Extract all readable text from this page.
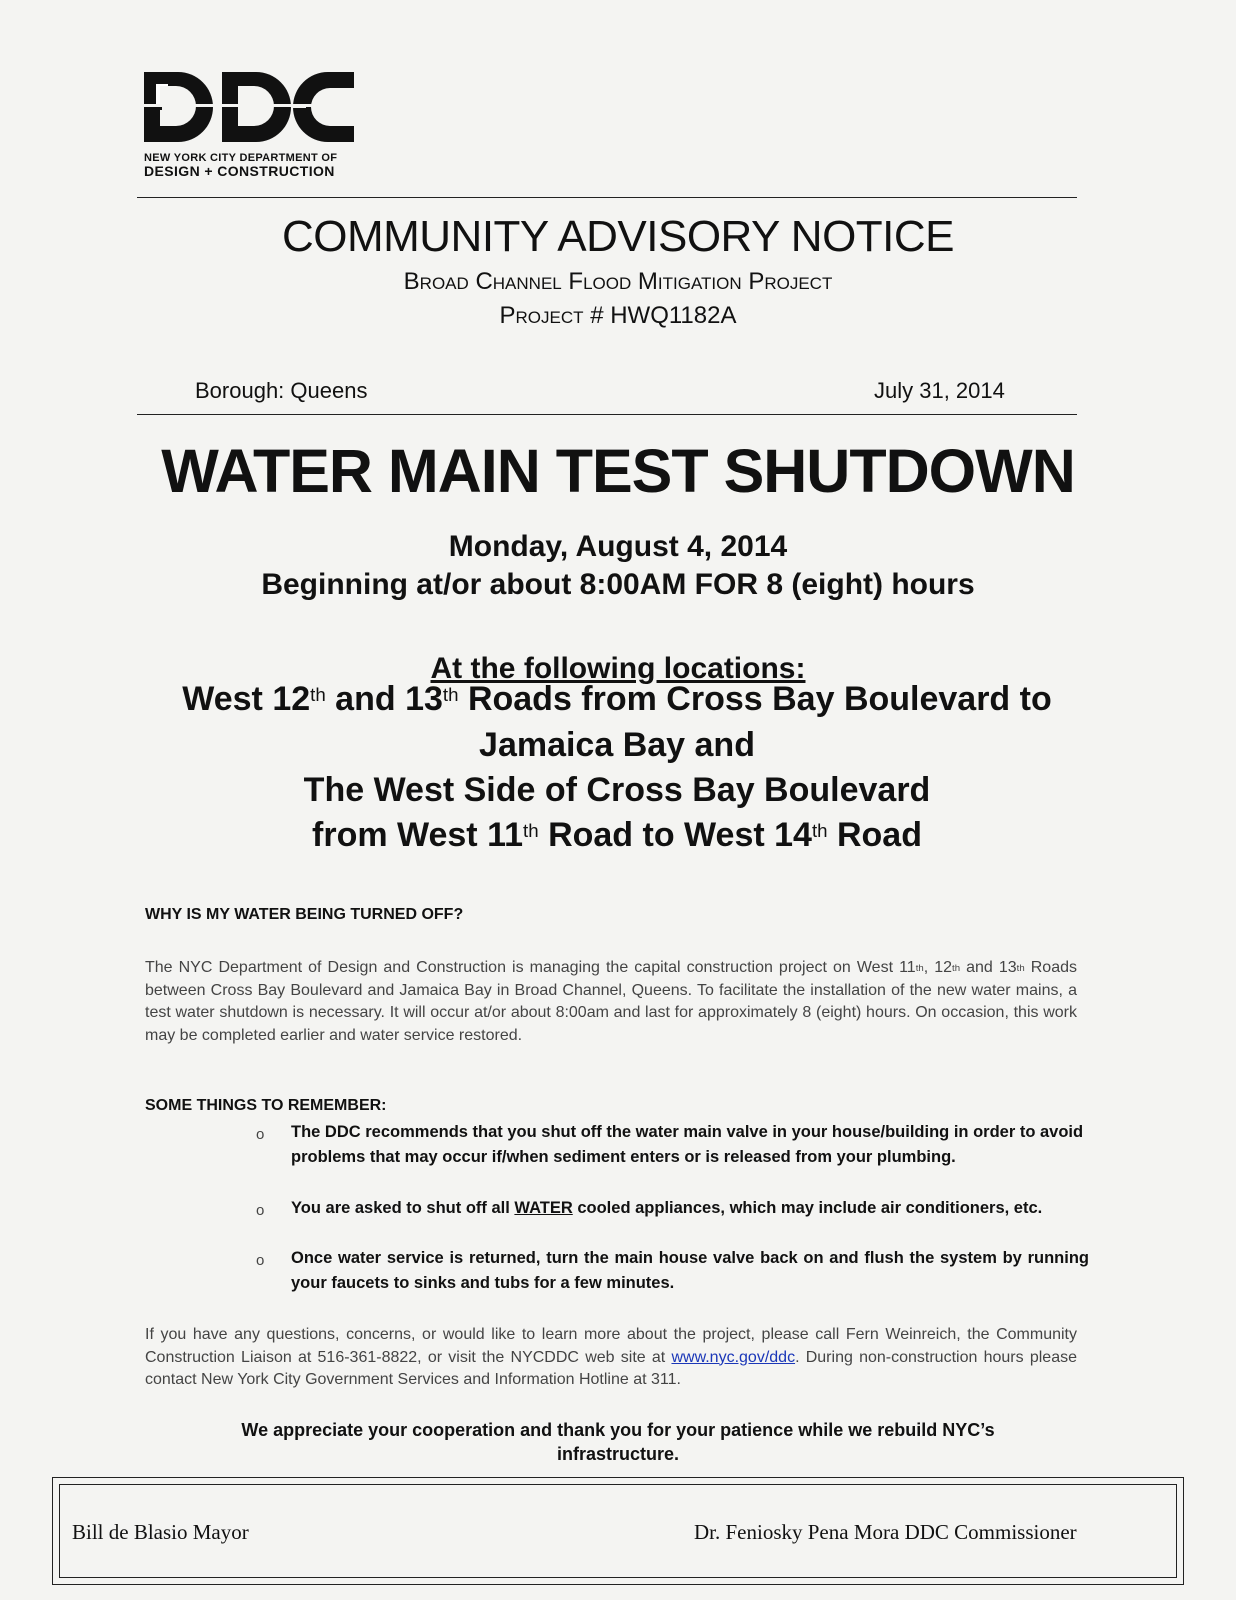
NEW YORK CITY DEPARTMENT OF
DESIGN + CONSTRUCTION
COMMUNITY ADVISORY NOTICE
Broad Channel Flood Mitigation Project
Project # HWQ1182A
Borough: Queens	July 31, 2014
WATER MAIN TEST SHUTDOWN
Monday, August 4, 2014
Beginning at/or about 8:00AM FOR 8 (eight) hours
At the following locations:
West 12th and 13th Roads from Cross Bay Boulevard to
Jamaica Bay and
The West Side of Cross Bay Boulevard
from West 11th Road to West 14th Road
WHY IS MY WATER BEING TURNED OFF?
The NYC Department of Design and Construction is managing the capital construction project on West 11th, 12th and 13th Roads between Cross Bay Boulevard and Jamaica Bay in Broad Channel, Queens. To facilitate the installation of the new water mains, a test water shutdown is necessary. It will occur at/or about 8:00am and last for approximately 8 (eight) hours. On occasion, this work may be completed earlier and water service restored.
SOME THINGS TO REMEMBER:
o The DDC recommends that you shut off the water main valve in your house/building in order to avoid problems that may occur if/when sediment enters or is released from your plumbing.
o You are asked to shut off all WATER cooled appliances, which may include air conditioners, etc.
o Once water service is returned, turn the main house valve back on and flush the system by running your faucets to sinks and tubs for a few minutes.
If you have any questions, concerns, or would like to learn more about the project, please call Fern Weinreich, the Community Construction Liaison at 516-361-8822, or visit the NYCDDC web site at www.nyc.gov/ddc. During non-construction hours please contact New York City Government Services and Information Hotline at 311.
We appreciate your cooperation and thank you for your patience while we rebuild NYC’s
infrastructure.
Bill de Blasio Mayor	Dr. Feniosky Pena Mora DDC Commissioner
